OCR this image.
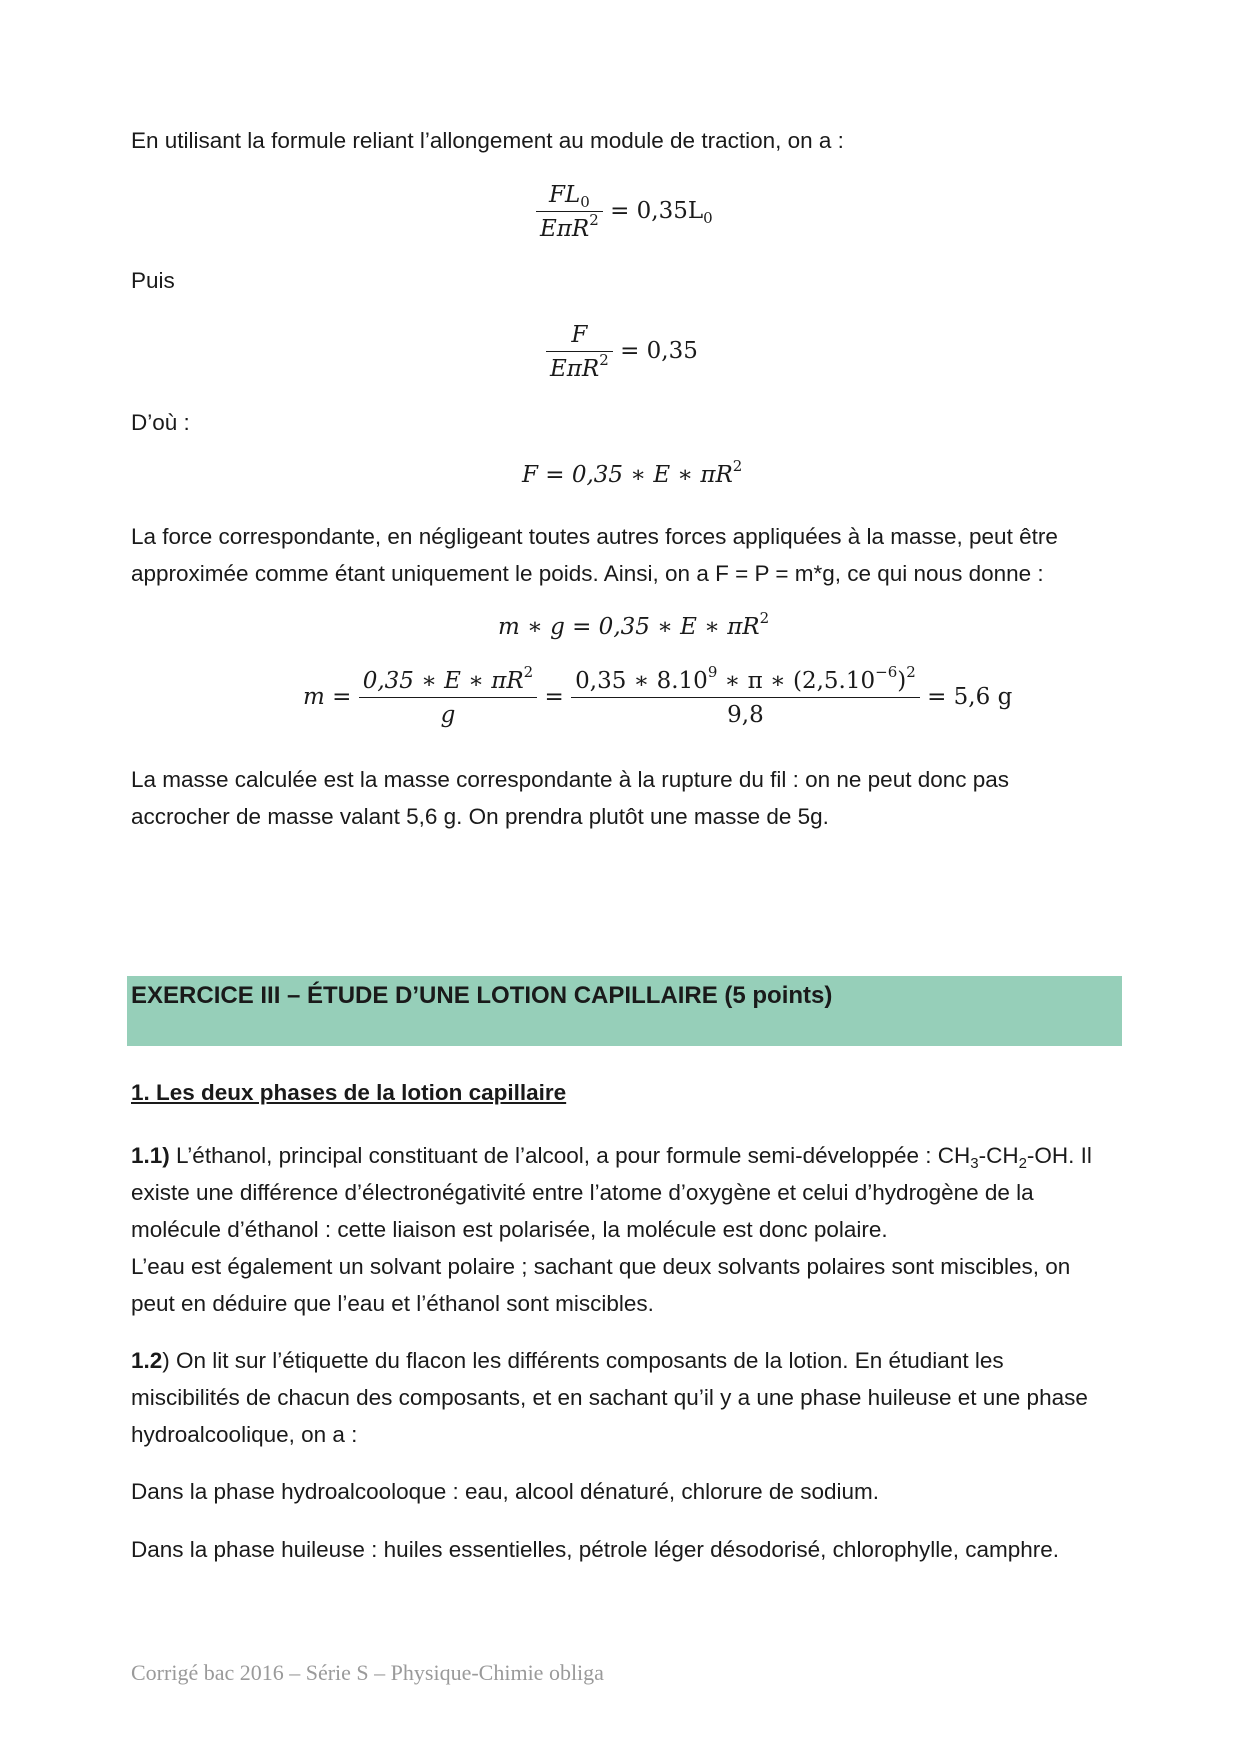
En utilisant la formule reliant l’allongement au module de traction, on a :

$\frac{FL_0}{E\pi R^2} = 0,35L_0$

Puis

$\frac{F}{E\pi R^2} = 0,35$

D’où :

F = 0,35 ∗ E ∗ $\pi R^2$

La force correspondante, en négligeant toutes autres forces appliquées à la masse, peut être

approximée comme étant uniquement le poids. Ainsi, on a F = P = m*g, ce qui nous donne :

m ∗ g = 0,35 ∗ E ∗ $\pi R^2$
$m = \frac{0,35 ∗ E ∗ \pi R^2}{g} = \frac{0,35 ∗ 8.10^9 ∗ \pi ∗ (2,5.10^{-6})^2}{9,8} = 5,6$ g

La masse calculée est la masse correspondante à la rupture du fil : on ne peut donc pas

accrocher de masse valant 5,6 g. On prendra plutôt une masse de 5g.

EXERCICE III – ÉTUDE D’UNE LOTION CAPILLAIRE (5 points)
1. Les deux phases de la lotion capillaire

1.1) L’éthanol, principal constituant de l’alcool, a pour formule semi-développée : $CH_3-CH_2-OH$. Il

existe une différence d’électronégativité entre l’atome d’oxygène et celui d’hydrogène de la

molécule d’éthanol : cette liaison est polarisée, la molécule est donc polaire.

L’eau est également un solvant polaire ; sachant que deux solvants polaires sont miscibles, on

peut en déduire que l’eau et l’éthanol sont miscibles.

1.2) On lit sur l’étiquette du flacon les différents composants de la lotion. En étudiant les

miscibilités de chacun des composants, et en sachant qu’il y a une phase huileuse et une phase

hydroalcoolique, on a :

Dans la phase hydroalcooloque : eau, alcool dénaturé, chlorure de sodium.

Dans la phase huileuse : huiles essentielles, pétrole léger désodorisé, chlorophylle, camphre.

Corrigé bac 2016 – Série S – Physique-Chimie obliga
